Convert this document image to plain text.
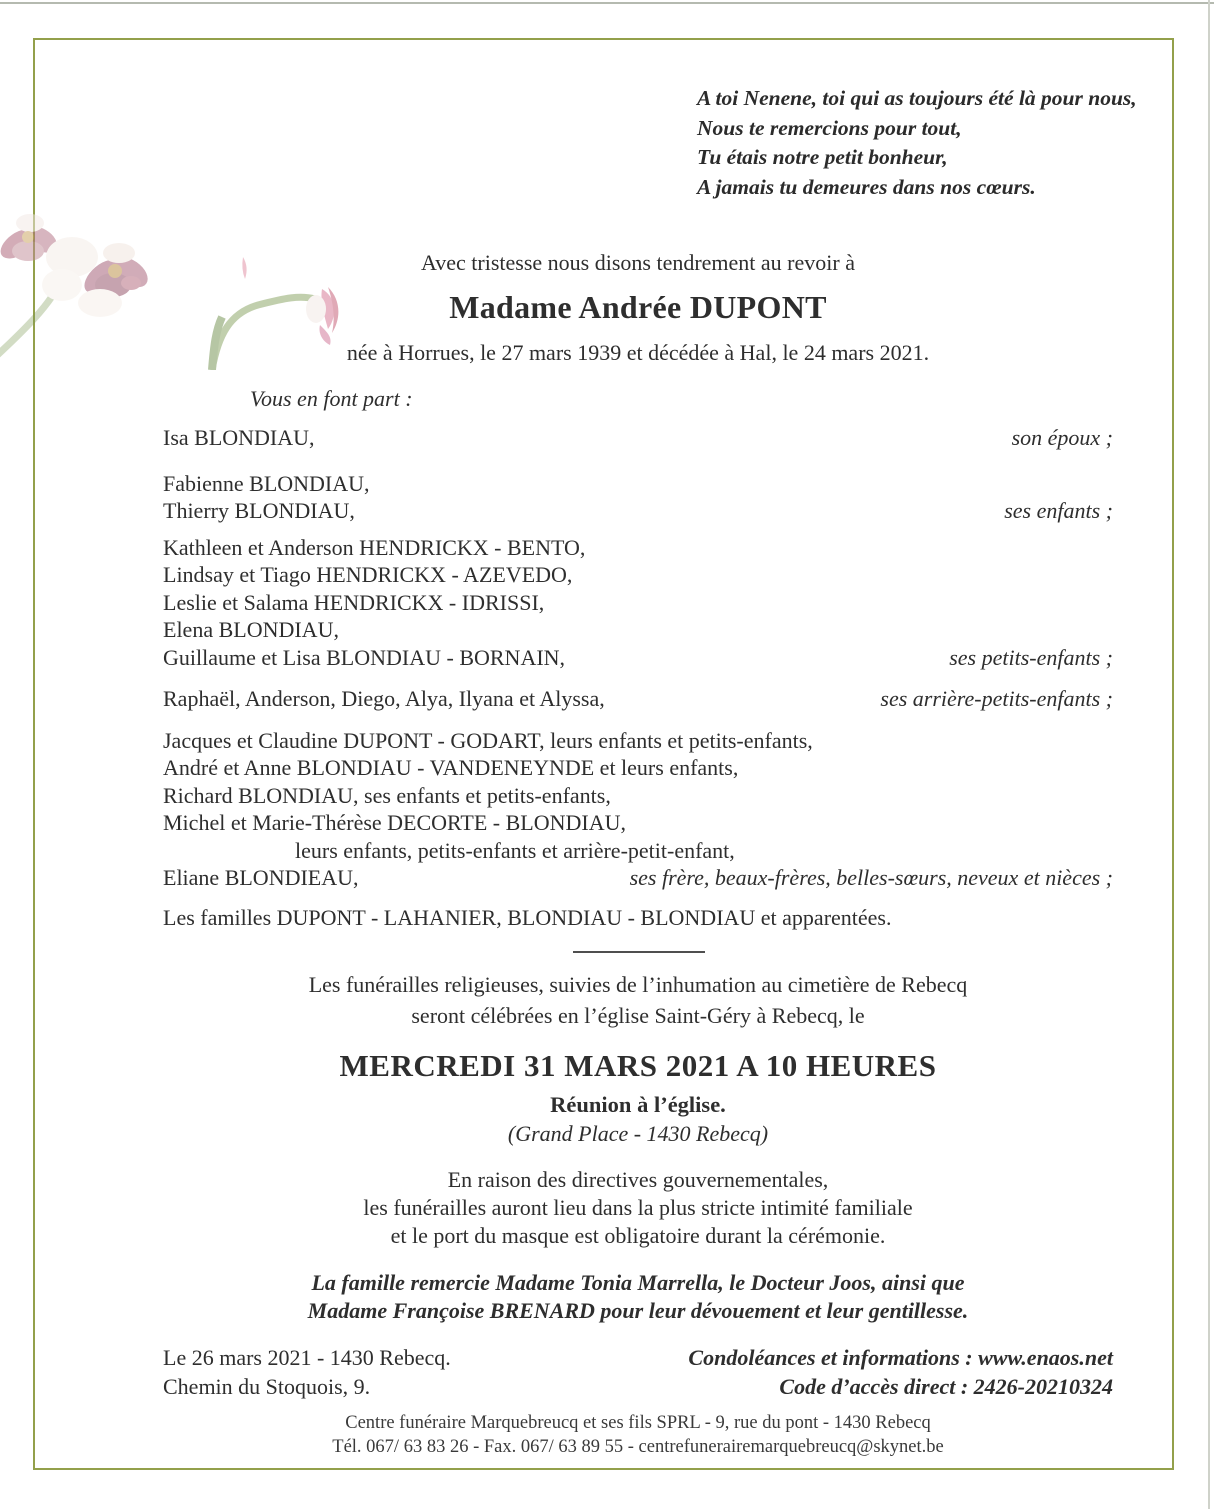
A toi Nenene, toi qui as toujours été là pour nous,
Nous te remercions pour tout,
Tu étais notre petit bonheur,
A jamais tu demeures dans nos cœurs.
Avec tristesse nous disons tendrement au revoir à
Madame Andrée DUPONT
née à Horrues, le 27 mars 1939 et décédée à Hal, le 24 mars 2021.
Vous en font part :
Isa BLONDIAU,	son époux ;
Fabienne BLONDIAU,
Thierry BLONDIAU,	ses enfants ;
Kathleen et Anderson HENDRICKX - BENTO,
Lindsay et Tiago HENDRICKX - AZEVEDO,
Leslie et Salama HENDRICKX - IDRISSI,
Elena BLONDIAU,
Guillaume et Lisa BLONDIAU - BORNAIN,	ses petits-enfants ;
Raphaël, Anderson, Diego, Alya, Ilyana et Alyssa,	ses arrière-petits-enfants ;
Jacques et Claudine DUPONT - GODART, leurs enfants et petits-enfants,
André et Anne BLONDIAU - VANDENEYNDE et leurs enfants,
Richard BLONDIAU, ses enfants et petits-enfants,
Michel et Marie-Thérèse DECORTE - BLONDIAU,
leurs enfants, petits-enfants et arrière-petit-enfant,
Eliane BLONDIEAU,	ses frère, beaux-frères, belles-sœurs, neveux et nièces ;
Les familles DUPONT - LAHANIER, BLONDIAU - BLONDIAU et apparentées.
Les funérailles religieuses, suivies de l’inhumation au cimetière de Rebecq
seront célébrées en l’église Saint-Géry à Rebecq, le
MERCREDI 31 MARS 2021 A 10 HEURES
Réunion à l’église.
(Grand Place - 1430 Rebecq)
En raison des directives gouvernementales,
les funérailles auront lieu dans la plus stricte intimité familiale
et le port du masque est obligatoire durant la cérémonie.
La famille remercie Madame Tonia Marrella, le Docteur Joos, ainsi que
Madame Françoise BRENARD pour leur dévouement et leur gentillesse.
Le 26 mars 2021 - 1430 Rebecq.
Chemin du Stoquois, 9.
Condoléances et informations : www.enaos.net
Code d’accès direct : 2426-20210324
Centre funéraire Marquebreucq et ses fils SPRL - 9, rue du pont - 1430 Rebecq
Tél. 067/ 63 83 26 - Fax. 067/ 63 89 55 - centrefunerairemarquebreucq@skynet.be
